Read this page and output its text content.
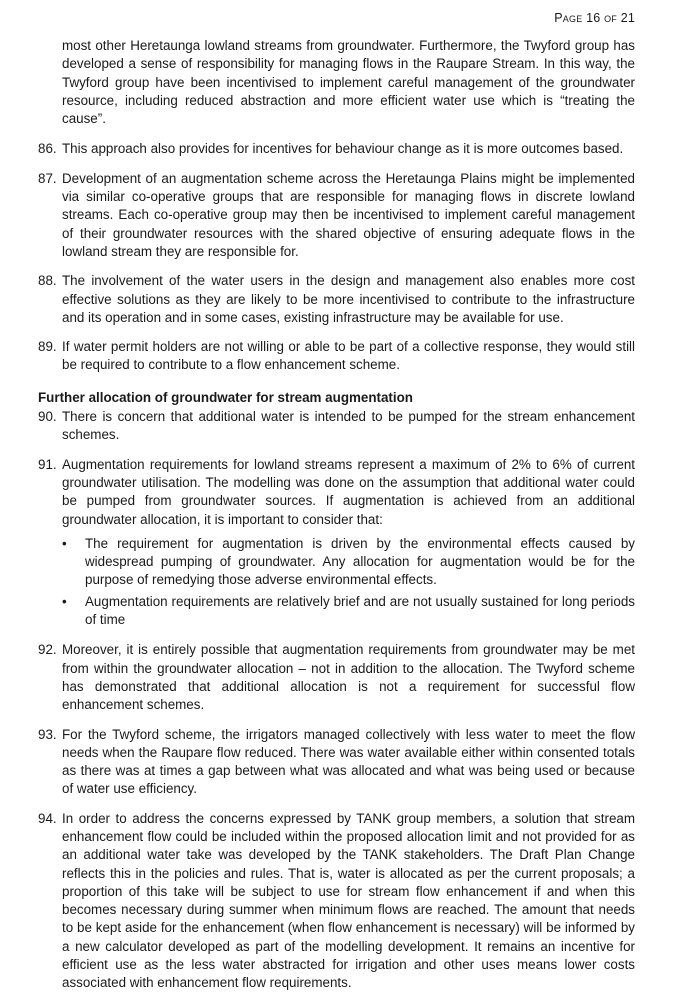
Page 16 of 21
most other Heretaunga lowland streams from groundwater. Furthermore, the Twyford group has developed a sense of responsibility for managing flows in the Raupare Stream. In this way, the Twyford group have been incentivised to implement careful management of the groundwater resource, including reduced abstraction and more efficient water use which is “treating the cause”.
86. This approach also provides for incentives for behaviour change as it is more outcomes based.
87. Development of an augmentation scheme across the Heretaunga Plains might be implemented via similar co-operative groups that are responsible for managing flows in discrete lowland streams. Each co-operative group may then be incentivised to implement careful management of their groundwater resources with the shared objective of ensuring adequate flows in the lowland stream they are responsible for.
88. The involvement of the water users in the design and management also enables more cost effective solutions as they are likely to be more incentivised to contribute to the infrastructure and its operation and in some cases, existing infrastructure may be available for use.
89. If water permit holders are not willing or able to be part of a collective response, they would still be required to contribute to a flow enhancement scheme.
Further allocation of groundwater for stream augmentation
90. There is concern that additional water is intended to be pumped for the stream enhancement schemes.
91. Augmentation requirements for lowland streams represent a maximum of 2% to 6% of current groundwater utilisation. The modelling was done on the assumption that additional water could be pumped from groundwater sources. If augmentation is achieved from an additional groundwater allocation, it is important to consider that:
•	The requirement for augmentation is driven by the environmental effects caused by widespread pumping of groundwater. Any allocation for augmentation would be for the purpose of remedying those adverse environmental effects.
•	Augmentation requirements are relatively brief and are not usually sustained for long periods of time
92. Moreover, it is entirely possible that augmentation requirements from groundwater may be met from within the groundwater allocation – not in addition to the allocation. The Twyford scheme has demonstrated that additional allocation is not a requirement for successful flow enhancement schemes.
93. For the Twyford scheme, the irrigators managed collectively with less water to meet the flow needs when the Raupare flow reduced. There was water available either within consented totals as there was at times a gap between what was allocated and what was being used or because of water use efficiency.
94. In order to address the concerns expressed by TANK group members, a solution that stream enhancement flow could be included within the proposed allocation limit and not provided for as an additional water take was developed by the TANK stakeholders. The Draft Plan Change reflects this in the policies and rules. That is, water is allocated as per the current proposals; a proportion of this take will be subject to use for stream flow enhancement if and when this becomes necessary during summer when minimum flows are reached. The amount that needs to be kept aside for the enhancement (when flow enhancement is necessary) will be informed by a new calculator developed as part of the modelling development. It remains an incentive for efficient use as the less water abstracted for irrigation and other uses means lower costs associated with enhancement flow requirements.
